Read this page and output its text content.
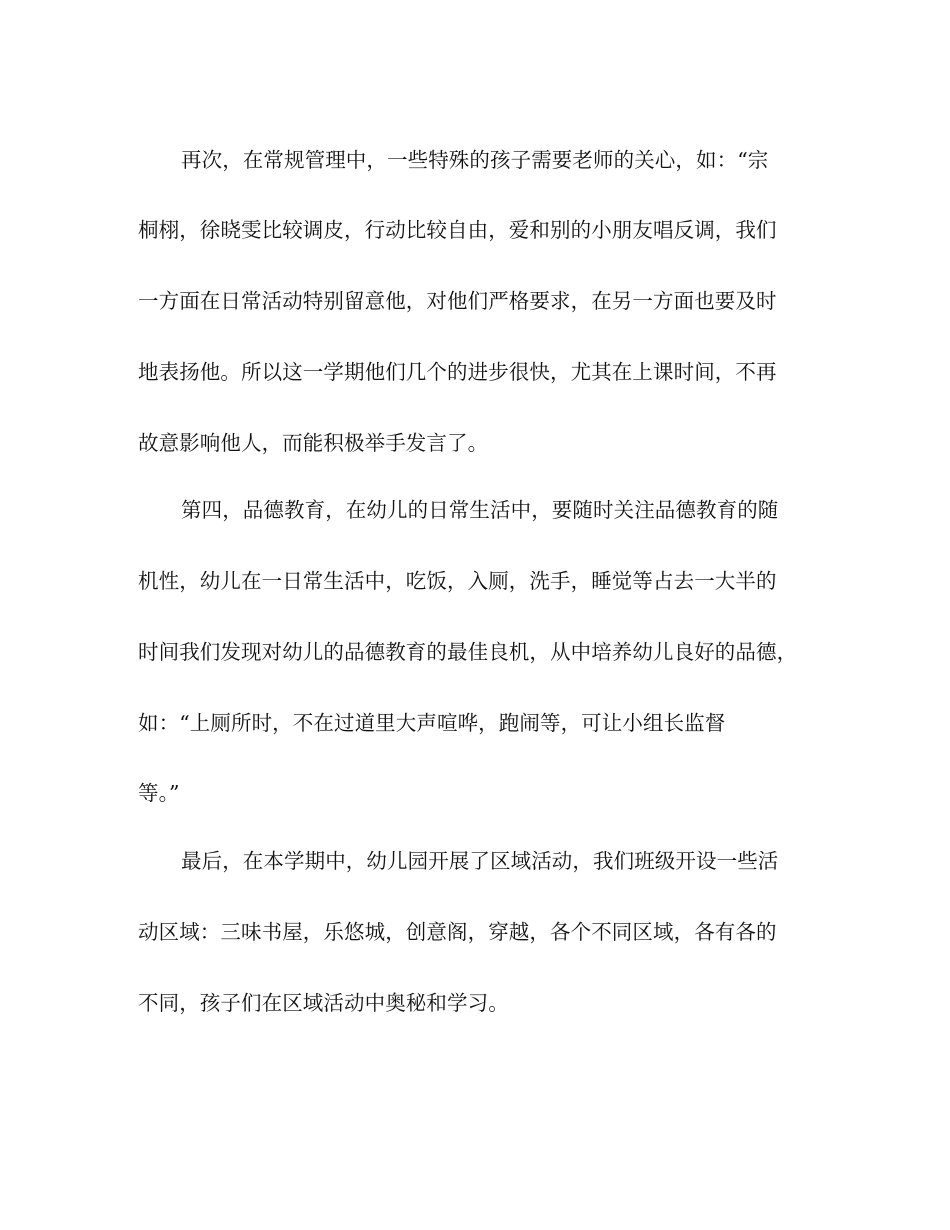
再次，在常规管理中，一些特殊的孩子需要老师的关心，如：“宗
桐栩，徐晓雯比较调皮，行动比较自由，爱和别的小朋友唱反调，我们
一方面在日常活动特别留意他，对他们严格要求，在另一方面也要及时
地表扬他。所以这一学期他们几个的进步很快，尤其在上课时间，不再
故意影响他人，而能积极举手发言了。
第四，品德教育，在幼儿的日常生活中，要随时关注品德教育的随
机性，幼儿在一日常生活中，吃饭，入厕，洗手，睡觉等占去一大半的
时间我们发现对幼儿的品德教育的最佳良机，从中培养幼儿良好的品德，
如：“上厕所时，不在过道里大声喧哗，跑闹等，可让小组长监督
等。”
最后，在本学期中，幼儿园开展了区域活动，我们班级开设一些活
动区域：三味书屋，乐悠城，创意阁，穿越，各个不同区域，各有各的
不同，孩子们在区域活动中奥秘和学习。
